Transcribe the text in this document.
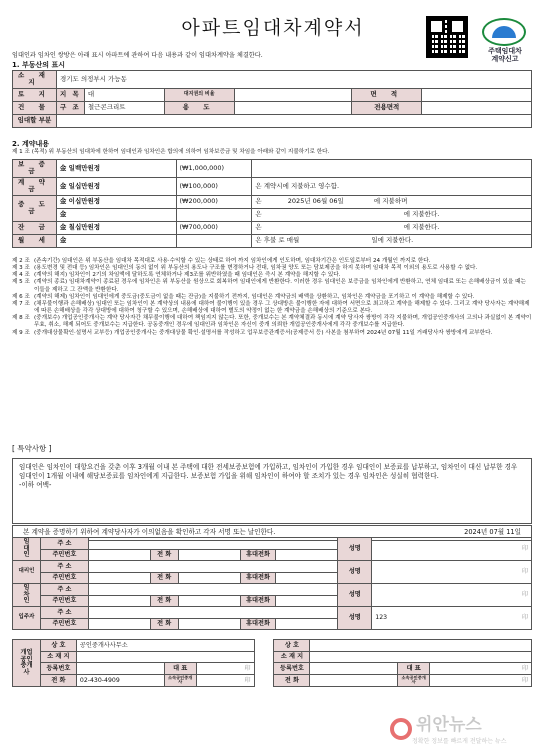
아파트임대차계약서
주택임대차
계약신고
임대인과 임차인 쌍방은 아래 표시 아파트에 관하여 다음 내용과 같이 임대차계약을 체결한다.
1. 부동산의 표시
소 재 지	경기도 의정부시 가능동					
토 지	지 목	대	대지권의 비율		면 적	
건 물	구 조	철근콘크리트	용 도		전용면적	
임대할 부분						
2. 계약내용
제 1 조 (목적) 위 부동산의 임대차에 한하여 임대인과 임차인은 합의에 의하여 임차보증금 및 차임을 아래와 같이 지불하기로 한다.
보 증 금	金 일백만원정	(₩1,000,000)	
계 약 금	金 일십만원정	(₩100,000)	은 계약시에 지불하고 영수함.
중 도 금	金 이십만원정	(₩200,000)	은 2025년 06월 06일 에 지불하며
	金		은 에 지불한다.
잔 금	金 칠십만원정	(₩700,000)	은 에 지불한다.
월 세	金		은 후불 로 매월 일에 지불한다.
제 2 조 (존속기간) 임대인은 위 부동산을 임대차 목적대로 사용·수익할 수 있는 상태로 하여 까지 임차인에게 인도하며, 임대차기간은 인도일로부터 24 개월인 까지로 한다.
제 3 조 (용도변경 및 전대 등) 임차인은 임대인의 동의 없이 위 부동산의 용도나 구조를 변경하거나 전대, 임차권 양도 또는 담보제공을 하지 못하며 임대차 목적 이외의 용도로 사용할 수 없다.
제 4 조 (계약의 해지) 임차인이 2기의 차임액에 달하도록 연체하거나 제3조를 위반하였을 때 임대인은 즉시 본 계약을 해지할 수 있다.
제 5 조 (계약의 종료) 임대차계약이 종료된 경우에 임차인은 위 부동산을 원상으로 회복하여 임대인에게 반환한다. 이러한 경우 임대인은 보증금을 임차인에게 반환하고, 연체 임대료 또는 손해배상금이 있을 때는 이들을 제하고 그 잔액을 반환한다.
제 6 조 (계약의 해제) 임차인이 임대인에게 중도금(중도금이 없을 때는 잔금)을 지불하기 전까지, 임대인은 계약금의 배액을 상환하고, 임차인은 계약금을 포기하고 이 계약을 해제할 수 있다.
제 7 조 (채무불이행과 손해배상) 임대인 또는 임차인이 본 계약상의 내용에 대하여 불이행이 있을 경우 그 상대방은 불이행한 자에 대하여 서면으로 최고하고 계약을 해제할 수 있다. 그리고 계약 당사자는 계약해제에 따른 손해배상을 각각 상대방에 대하여 청구할 수 있으며, 손해배상에 대하여 별도의 약정이 없는 한 계약금을 손해배상의 기준으로 본다.
제 8 조 (중개보수) 개업공인중개사는 계약 당사자간 채무불이행에 대하여 책임지지 않는다. 또한, 중개보수는 본 계약체결과 동시에 계약 당사자 쌍방이 각각 지불하며, 개업공인중개사의 고의나 과실없이 본 계약이 무효, 취소, 해제 되어도 중개보수는 지급한다. 공동중개인 경우에 임대인과 임차인은 자신이 중개 의뢰한 개업공인중개사에게 각각 중개보수를 지급한다.
제 9 조 (중개대상물확인·설명서 교부등) 개업공인중개사는 중개대상물 확인·설명서를 작성하고 업무보증관계증서(공제증서 등) 사본을 첨부하여 2024년 07월 11일 거래당사자 쌍방에게 교부한다.
[ 특약사항 ]
임대인은 임차인이 대항요건을 갖춘 이후 3개월 이내 본 주택에 대한 전세보증보험에 가입하고, 임차인이 가입한 경우 임대인이 보증료를 납부하고, 임차인이 대신 납부한 경우 임대인이 1개월 이내에 해당보증료를 임차인에게 지급한다. 보증보험 가입을 위해 임차인이 하여야 할 조치가 있는 경우 임차인은 성실히 협력한다.
-이하 여백-
본 계약을 증명하기 위하여 계약당사자가 이의없음을 확인하고 각자 서명 또는 날인한다.	2024년 07월 11일
임
대
인	주 소						성명	印
	주민번호		전 화		휴대전화			
대리인	주 소						성명	印
	주민번호		전 화		휴대전화			
임
차
인	주 소						성명	印
	주민번호		전 화		휴대전화			
입주자	주 소						성명	123 印

	주민번호		전 화		휴대전화			
개업
공인
중개
사	상 호	공인중개사사무소				상 호			
	소 재 지					소 재 지			
	등록번호		대 표	印		등록번호		대 표	印
	전 화	02-430-4909	소속공인중개사	印		전 화		소속공인중개사	印
위안뉴스
정확한 정보를 빠르게 전달하는 뉴스
